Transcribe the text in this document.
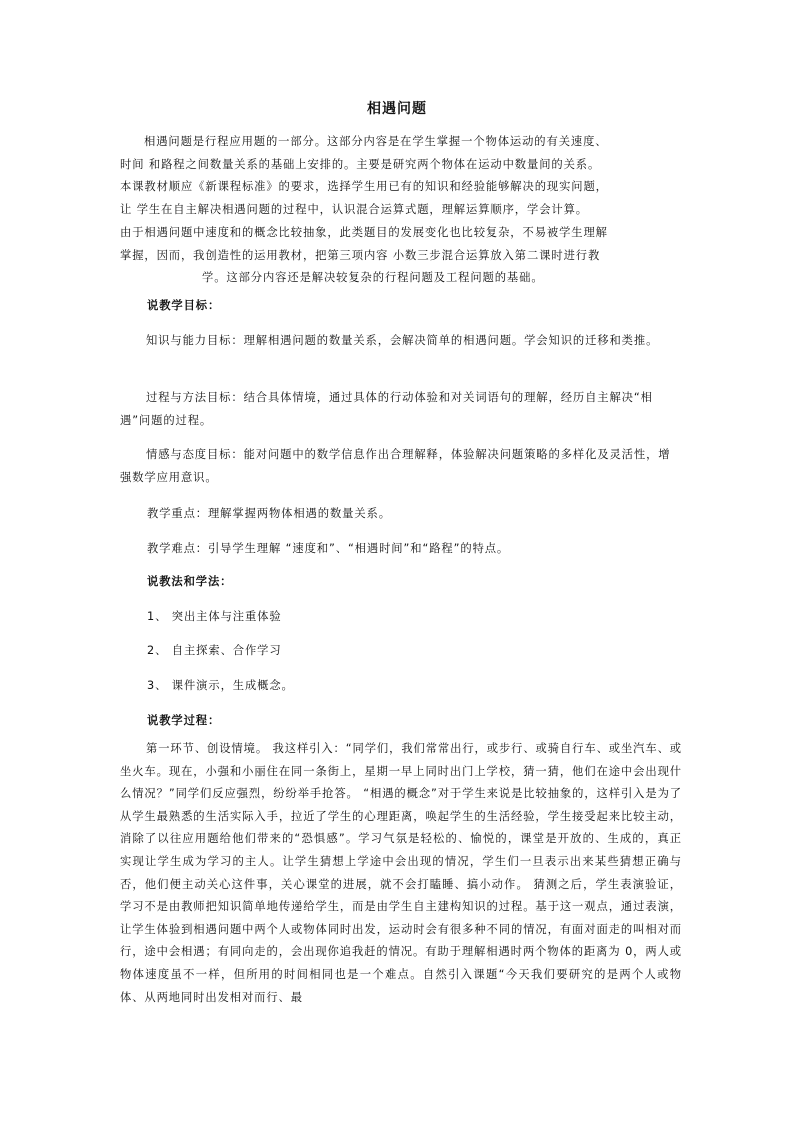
相遇问题
相遇问题是行程应用题的一部分。这部分内容是在学生掌握一个物体运动的有关速度、
时间 和路程之间数量关系的基础上安排的。主要是研究两个物体在运动中数量间的关系。
本课教材顺应《新课程标准》的要求，选择学生用已有的知识和经验能够解决的现实问题，
让 学生在自主解决相遇问题的过程中，认识混合运算式题，理解运算顺序，学会计算。
由于相遇问题中速度和的概念比较抽象，此类题目的发展变化也比较复杂，不易被学生理解
掌握，因而，我创造性的运用教材，把第三项内容 小数三步混合运算放入第二课时进行教
学。这部分内容还是解决较复杂的行程问题及工程问题的基础。
说教学目标：
知识与能力目标：理解相遇问题的数量关系，会解决简单的相遇问题。学会知识的迁移和类推。
过程与方法目标：结合具体情境，通过具体的行动体验和对关词语句的理解，经历自主解决“相遇”问题的过程。
情感与态度目标：能对问题中的数学信息作出合理解释，体验解决问题策略的多样化及灵活性，增强数学应用意识。
教学重点：理解掌握两物体相遇的数量关系。
教学难点：引导学生理解 “速度和”、“相遇时间”和“路程”的特点。
说教法和学法：
1、 突出主体与注重体验
2、 自主探索、合作学习
3、 课件演示，生成概念。
说教学过程：
第一环节、创设情境。 我这样引入：“同学们，我们常常出行，或步行、或骑自行车、或坐汽车、或坐火车。现在，小强和小丽住在同一条街上，星期一早上同时出门上学校，猜一猜，他们在途中会出现什么情况？”同学们反应强烈，纷纷举手抢答。 “相遇的概念”对于学生来说是比较抽象的，这样引入是为了从学生最熟悉的生活实际入手，拉近了学生的心理距离，唤起学生的生活经验，学生接受起来比较主动，消除了以往应用题给他们带来的“恐惧感”。学习气氛是轻松的、愉悦的，课堂是开放的、生成的，真正实现让学生成为学习的主人。让学生猜想上学途中会出现的情况，学生们一旦表示出来某些猜想正确与否，他们便主动关心这件事，关心课堂的进展，就不会打瞌睡、搞小动作。 猜测之后，学生表演验证，学习不是由教师把知识简单地传递给学生，而是由学生自主建构知识的过程。基于这一观点，通过表演，让学生体验到相遇问题中两个人或物体同时出发，运动时会有很多种不同的情况，有面对面走的叫相对而行，途中会相遇；有同向走的，会出现你追我赶的情况。有助于理解相遇时两个物体的距离为 0，两人或物体速度虽不一样，但所用的时间相同也是一个难点。自然引入课题“今天我们要研究的是两个人或物体、从两地同时出发相对而行、最
